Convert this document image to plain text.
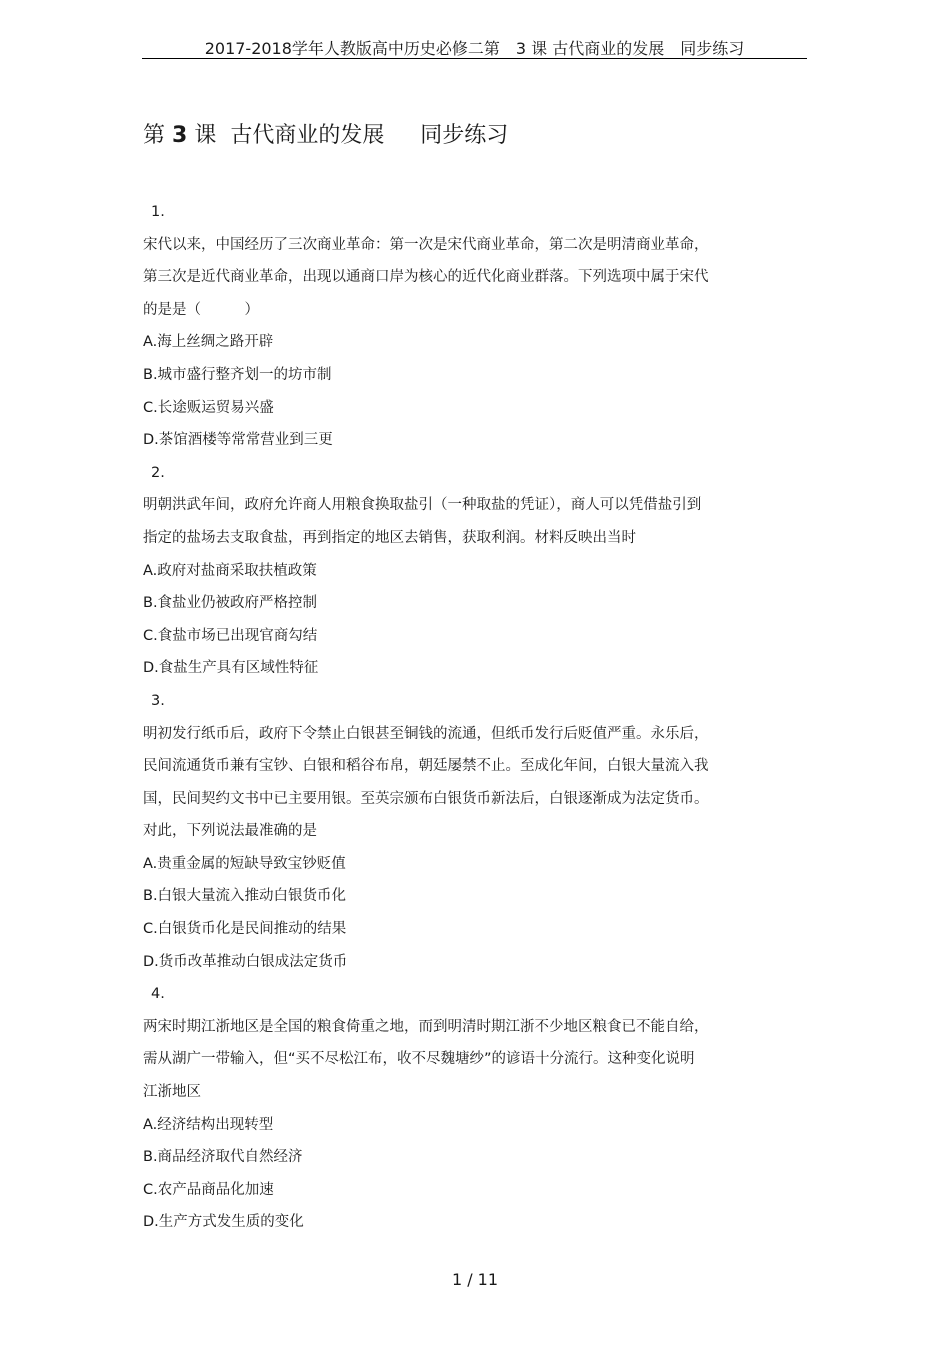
2017-2018学年人教版高中历史必修二第　3 课 古代商业的发展　同步练习
第 3 课  古代商业的发展　  同步练习
1.
宋代以来，中国经历了三次商业革命：第一次是宋代商业革命，第二次是明清商业革命，
第三次是近代商业革命，出现以通商口岸为核心的近代化商业群落。下列选项中属于宋代
的是是（　　　）
A.海上丝绸之路开辟
B.城市盛行整齐划一的坊市制
C.长途贩运贸易兴盛
D.茶馆酒楼等常常营业到三更
2.
明朝洪武年间，政府允许商人用粮食换取盐引（一种取盐的凭证），商人可以凭借盐引到
指定的盐场去支取食盐，再到指定的地区去销售，获取利润。材料反映出当时
A.政府对盐商采取扶植政策
B.食盐业仍被政府严格控制
C.食盐市场已出现官商勾结
D.食盐生产具有区域性特征
3.
明初发行纸币后，政府下令禁止白银甚至铜钱的流通，但纸币发行后贬值严重。永乐后，
民间流通货币兼有宝钞、白银和稻谷布帛，朝廷屡禁不止。至成化年间，白银大量流入我
国，民间契约文书中已主要用银。至英宗颁布白银货币新法后，白银逐渐成为法定货币。
对此，下列说法最准确的是
A.贵重金属的短缺导致宝钞贬值
B.白银大量流入推动白银货币化
C.白银货币化是民间推动的结果
D.货币改革推动白银成法定货币
4.
两宋时期江浙地区是全国的粮食倚重之地，而到明清时期江浙不少地区粮食已不能自给，
需从湖广一带输入，但“买不尽松江布，收不尽魏塘纱”的谚语十分流行。这种变化说明
江浙地区
A.经济结构出现转型
B.商品经济取代自然经济
C.农产品商品化加速
D.生产方式发生质的变化
1 / 11
